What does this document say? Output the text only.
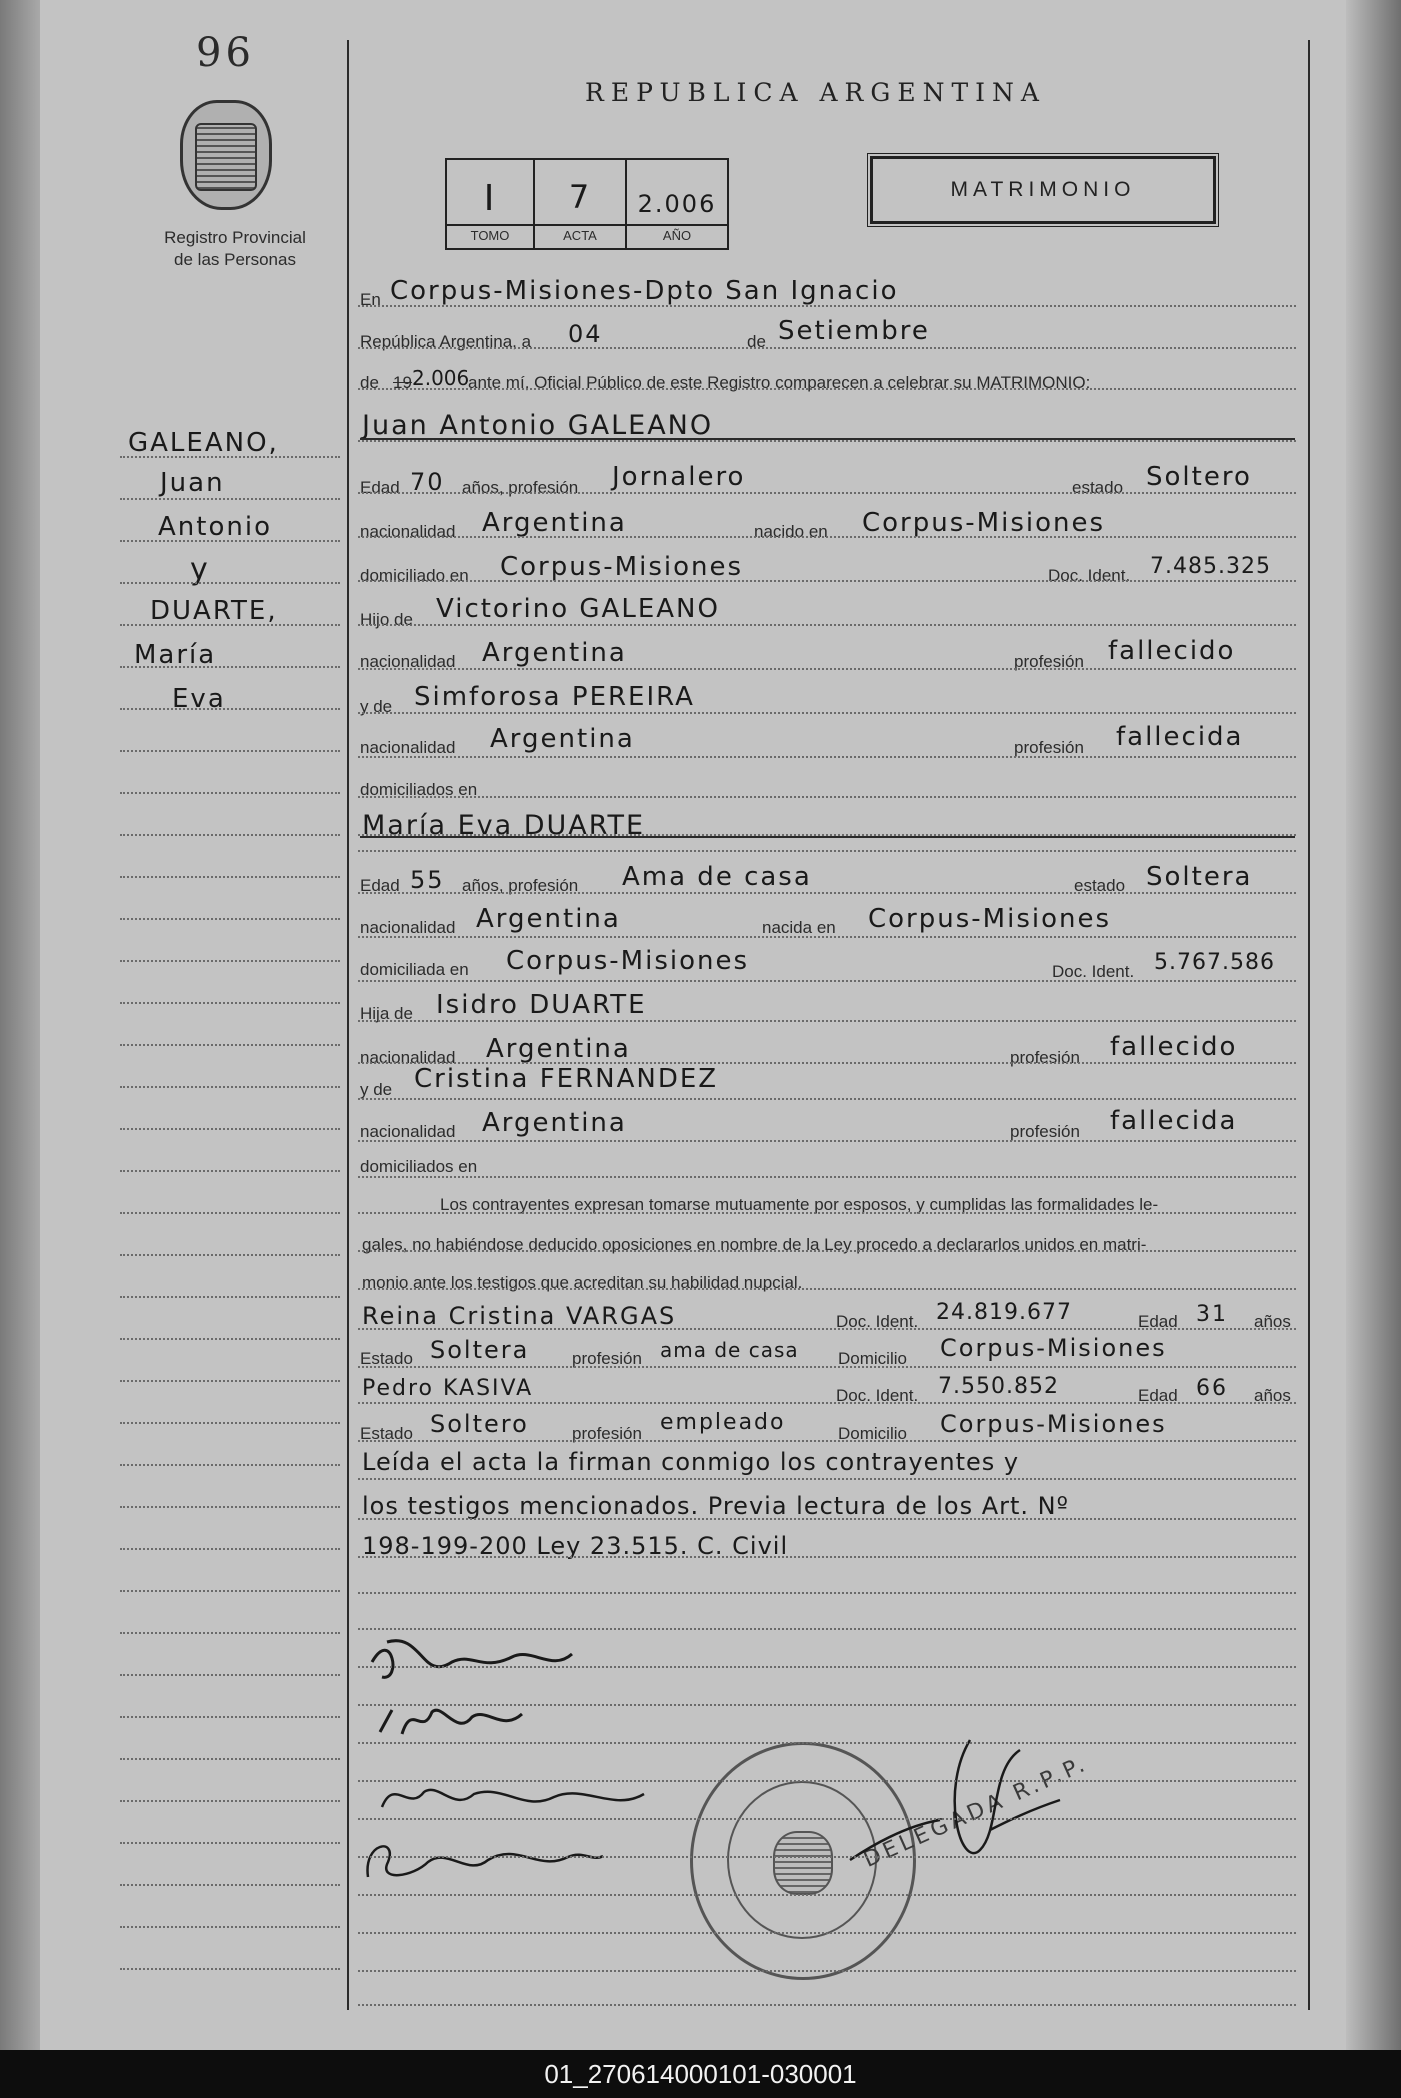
96
Registro Provincial
de las Personas
REPUBLICA ARGENTINA
I
TOMO
7
ACTA
2.006
AÑO
MATRIMONIO
GALEANO,
Juan
Antonio
y
DUARTE,
María
Eva
En Corpus-Misiones-Dpto San Ignacio
República Argentina, a 04	de Setiembre
de 19 2.006
ante mí, Oficial Público de este Registro comparecen a celebrar su MATRIMONIO:
Juan Antonio GALEANO
Edad 70 años, profesión Jornalero	estado Soltero
nacionalidad Argentina	nacido en Corpus-Misiones
domiciliado en Corpus-Misiones	Doc. Ident. 7.485.325
Hijo de Victorino GALEANO
nacionalidad Argentina	profesión fallecido
y de Simforosa PEREIRA
nacionalidad Argentina	profesión fallecida
domiciliados en
María Eva DUARTE
Edad 55 años, profesión Ama de casa	estado Soltera
nacionalidad Argentina	nacida en Corpus-Misiones
domiciliada en Corpus-Misiones	Doc. Ident. 5.767.586
Hija de Isidro DUARTE
nacionalidad Argentina	profesión fallecido
y de Cristina FERNANDEZ
nacionalidad Argentina	profesión fallecida
domiciliados en
Los contrayentes expresan tomarse mutuamente por esposos, y cumplidas las formalidades le-
gales, no habiéndose deducido oposiciones en nombre de la Ley procedo a declararlos unidos en matri-
monio ante los testigos que acreditan su habilidad nupcial.
Reina Cristina VARGAS	Doc. Ident. 24.819.677	Edad 31 años
Estado Soltera	profesión ama de casa Domicilio Corpus-Misiones
Pedro KASIVA	Doc. Ident. 7.550.852	Edad 66 años
Estado Soltero	profesión empleado	Domicilio Corpus-Misiones
Leída el acta la firman conmigo los contrayentes y
los testigos mencionados. Previa lectura de los Art. Nº
198-199-200 Ley 23.515. C. Civil
DELEGADA R.P.P.
01_270614000101-030001
